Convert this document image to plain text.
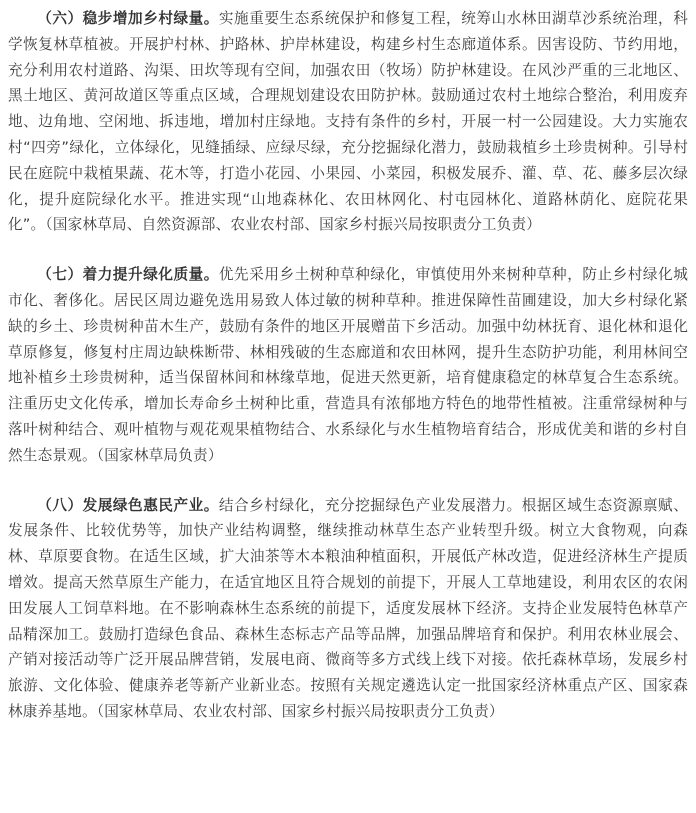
（六）稳步增加乡村绿量。实施重要生态系统保护和修复工程，统筹山水林田湖草沙系统治理，科学恢复林草植被。开展护村林、护路林、护岸林建设，构建乡村生态廊道体系。因害设防、节约用地，充分利用农村道路、沟渠、田坎等现有空间，加强农田（牧场）防护林建设。在风沙严重的三北地区、黑土地区、黄河故道区等重点区域，合理规划建设农田防护林。鼓励通过农村土地综合整治，利用废弃地、边角地、空闲地、拆违地，增加村庄绿地。支持有条件的乡村，开展一村一公园建设。大力实施农村“四旁”绿化，立体绿化，见缝插绿、应绿尽绿，充分挖掘绿化潜力，鼓励栽植乡土珍贵树种。引导村民在庭院中栽植果蔬、花木等，打造小花园、小果园、小菜园，积极发展乔、灌、草、花、藤多层次绿化，提升庭院绿化水平。推进实现“山地森林化、农田林网化、村屯园林化、道路林荫化、庭院花果化”。（国家林草局、自然资源部、农业农村部、国家乡村振兴局按职责分工负责）

（七）着力提升绿化质量。优先采用乡土树种草种绿化，审慎使用外来树种草种，防止乡村绿化城市化、奢侈化。居民区周边避免选用易致人体过敏的树种草种。推进保障性苗圃建设，加大乡村绿化紧缺的乡土、珍贵树种苗木生产，鼓励有条件的地区开展赠苗下乡活动。加强中幼林抚育、退化林和退化草原修复，修复村庄周边缺株断带、林相残破的生态廊道和农田林网，提升生态防护功能，利用林间空地补植乡土珍贵树种，适当保留林间和林缘草地，促进天然更新，培育健康稳定的林草复合生态系统。注重历史文化传承，增加长寿命乡土树种比重，营造具有浓郁地方特色的地带性植被。注重常绿树种与落叶树种结合、观叶植物与观花观果植物结合、水系绿化与水生植物培育结合，形成优美和谐的乡村自然生态景观。（国家林草局负责）

（八）发展绿色惠民产业。结合乡村绿化，充分挖掘绿色产业发展潜力。根据区域生态资源禀赋、发展条件、比较优势等，加快产业结构调整，继续推动林草生态产业转型升级。树立大食物观，向森林、草原要食物。在适生区域，扩大油茶等木本粮油种植面积，开展低产林改造，促进经济林生产提质增效。提高天然草原生产能力，在适宜地区且符合规划的前提下，开展人工草地建设，利用农区的农闲田发展人工饲草料地。在不影响森林生态系统的前提下，适度发展林下经济。支持企业发展特色林草产品精深加工。鼓励打造绿色食品、森林生态标志产品等品牌，加强品牌培育和保护。利用农林业展会、产销对接活动等广泛开展品牌营销，发展电商、微商等多方式线上线下对接。依托森林草场，发展乡村旅游、文化体验、健康养老等新产业新业态。按照有关规定遴选认定一批国家经济林重点产区、国家森林康养基地。（国家林草局、农业农村部、国家乡村振兴局按职责分工负责）
